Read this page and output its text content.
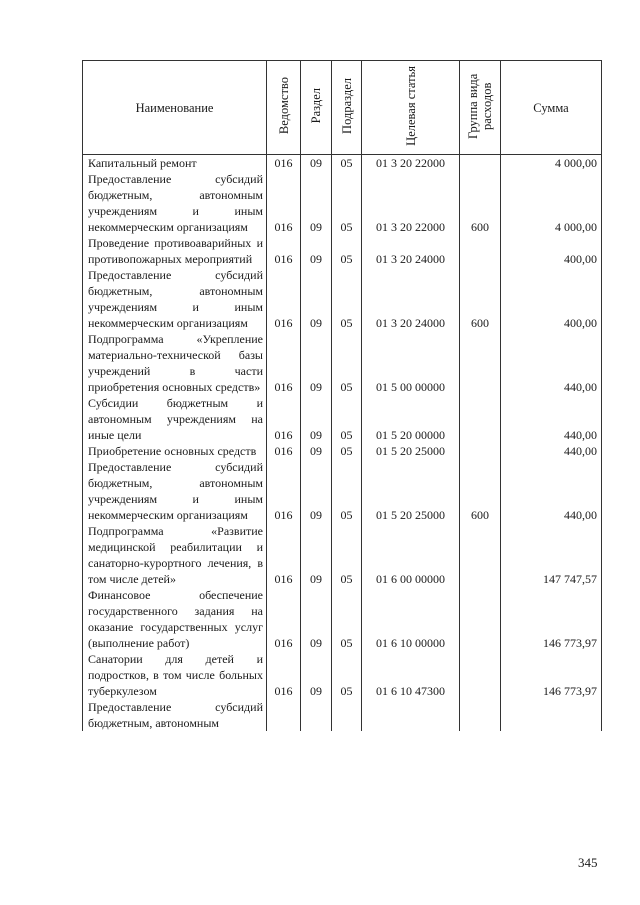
Наименование	Ведомство	Раздел	Подраздел	Целевая статья	Группа вида расходов	Сумма
Капитальный ремонт	016	09	05	01 3 20 22000		4 000,00
Предоставление субсидий бюджетным, автономным учреждениям и иным некоммерческим организациям	016	09	05	01 3 20 22000	600	4 000,00
Проведение противоаварийных и противопожарных мероприятий	016	09	05	01 3 20 24000		400,00
Предоставление субсидий бюджетным, автономным учреждениям и иным некоммерческим организациям	016	09	05	01 3 20 24000	600	400,00
Подпрограмма «Укрепление материально-технической базы учреждений в части приобретения основных средств»	016	09	05	01 5 00 00000		440,00
Субсидии бюджетным и автономным учреждениям на иные цели	016	09	05	01 5 20 00000		440,00
Приобретение основных средств	016	09	05	01 5 20 25000		440,00
Предоставление субсидий бюджетным, автономным учреждениям и иным некоммерческим организациям	016	09	05	01 5 20 25000	600	440,00
Подпрограмма «Развитие медицинской реабилитации и санаторно-курортного лечения, в том числе детей»	016	09	05	01 6 00 00000		147 747,57
Финансовое обеспечение государственного задания на оказание государственных услуг (выполнение работ)	016	09	05	01 6 10 00000		146 773,97
Санатории для детей и подростков, в том числе больных туберкулезом	016	09	05	01 6 10 47300		146 773,97
Предоставление субсидий бюджетным, автономным						
345
